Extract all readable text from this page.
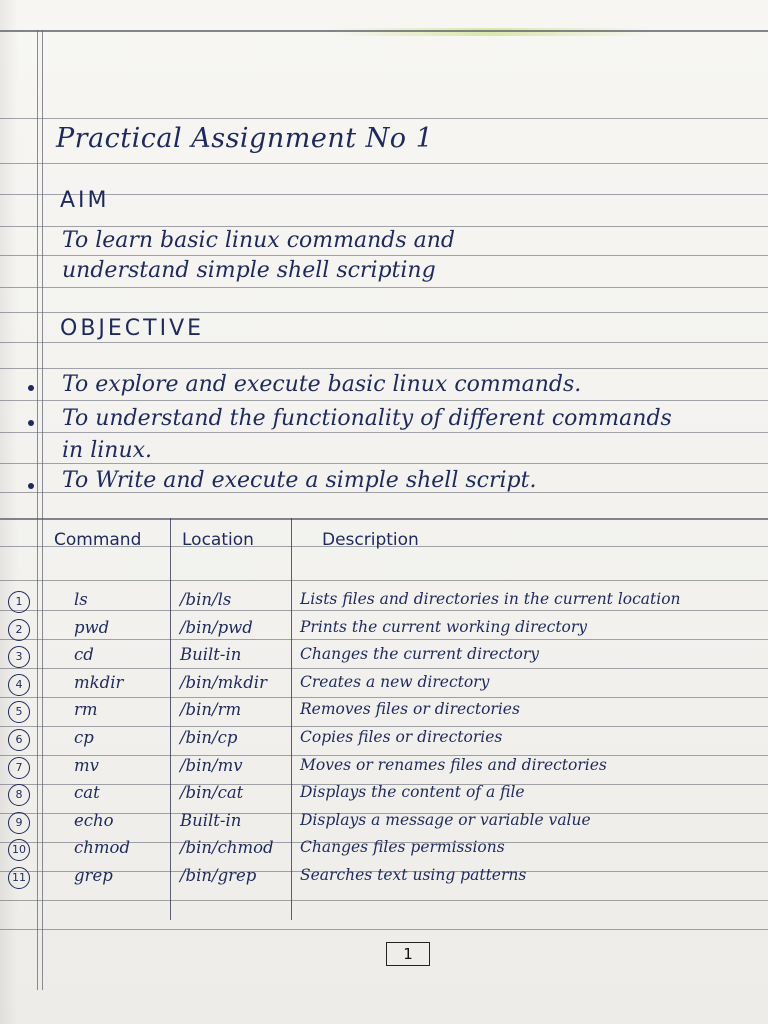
Practical Assignment No 1
AIM
To learn basic linux commands and
understand simple shell scripting
OBJECTIVE
To explore and execute basic linux commands.
To understand the functionality of different commands
in linux.
To Write and execute a simple shell script.
Command Location	Description
1	ls	/bin/ls	Lists files and directories in the current location
2	pwd	/bin/pwd	Prints the current working directory
3	cd	Built-in	Changes the current directory
4	mkdir	/bin/mkdir Creates a new directory
5	rm	/bin/rm	Removes files or directories
6	cp	/bin/cp	Copies files or directories
7	mv	/bin/mv	Moves or renames files and directories
8	cat	/bin/cat	Displays the content of a file
9	echo	Built-in	Displays a message or variable value
10	chmod	/bin/chmod Changes files permissions
11	grep	/bin/grep	Searches text using patterns
1
